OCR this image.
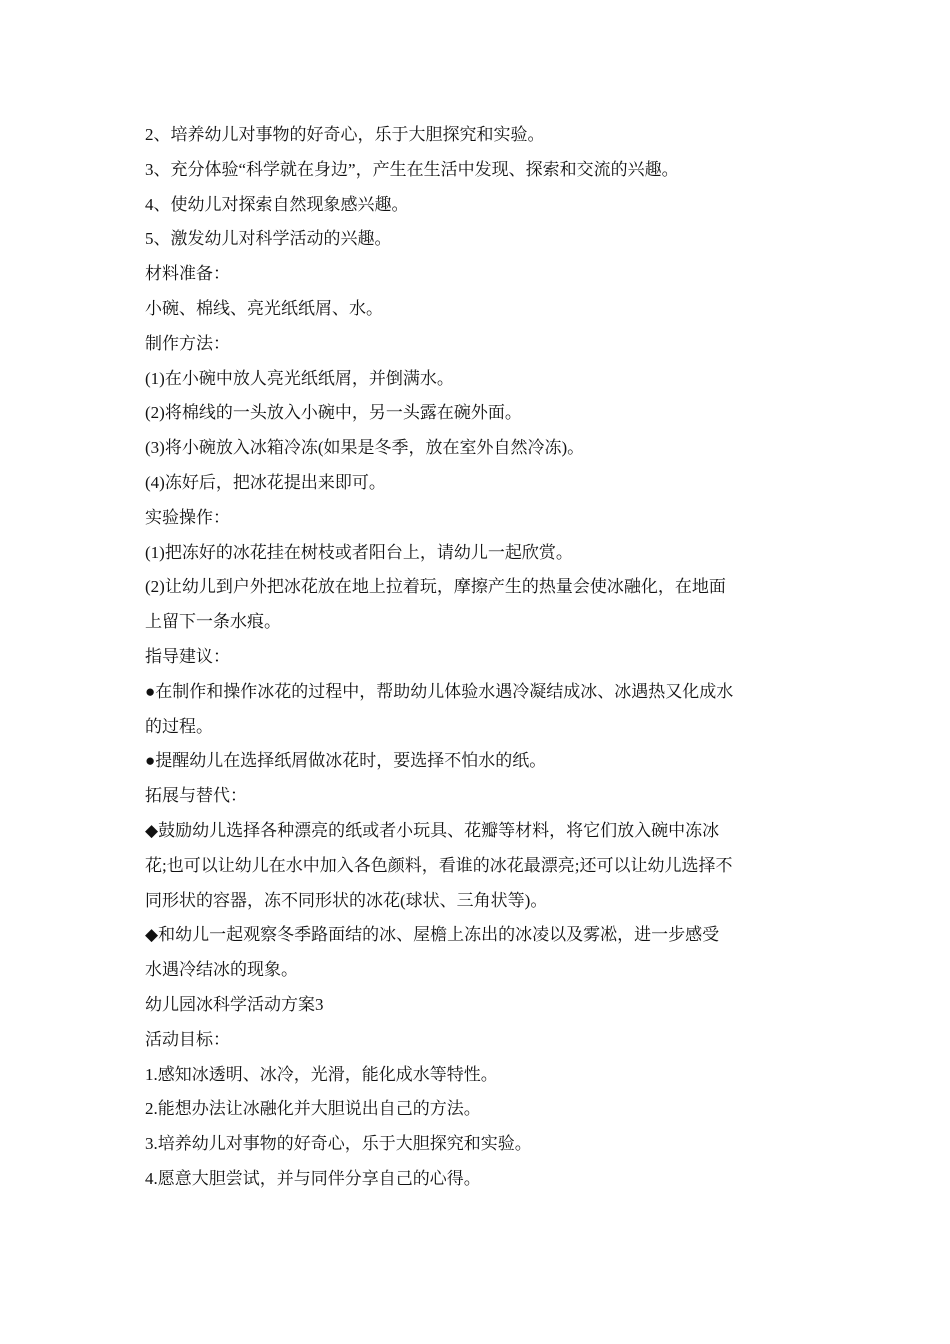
2、培养幼儿对事物的好奇心，乐于大胆探究和实验。

3、充分体验“科学就在身边”，产生在生活中发现、探索和交流的兴趣。

4、使幼儿对探索自然现象感兴趣。

5、激发幼儿对科学活动的兴趣。

材料准备：

小碗、棉线、亮光纸纸屑、水。

制作方法：

(1)在小碗中放人亮光纸纸屑，并倒满水。

(2)将棉线的一头放入小碗中，另一头露在碗外面。

(3)将小碗放入冰箱冷冻(如果是冬季，放在室外自然冷冻)。

(4)冻好后，把冰花提出来即可。

实验操作：

(1)把冻好的冰花挂在树枝或者阳台上，请幼儿一起欣赏。

(2)让幼儿到户外把冰花放在地上拉着玩，摩擦产生的热量会使冰融化，在地面

上留下一条水痕。

指导建议：

●在制作和操作冰花的过程中，帮助幼儿体验水遇冷凝结成冰、冰遇热又化成水

的过程。

●提醒幼儿在选择纸屑做冰花时，要选择不怕水的纸。

拓展与替代：

◆鼓励幼儿选择各种漂亮的纸或者小玩具、花瓣等材料，将它们放入碗中冻冰

花;也可以让幼儿在水中加入各色颜料，看谁的冰花最漂亮;还可以让幼儿选择不

同形状的容器，冻不同形状的冰花(球状、三角状等)。

◆和幼儿一起观察冬季路面结的冰、屋檐上冻出的冰凌以及雾凇，进一步感受

水遇冷结冰的现象。

幼儿园冰科学活动方案3

活动目标：

1.感知冰透明、冰冷，光滑，能化成水等特性。

2.能想办法让冰融化并大胆说出自己的方法。

3.培养幼儿对事物的好奇心，乐于大胆探究和实验。

4.愿意大胆尝试，并与同伴分享自己的心得。
